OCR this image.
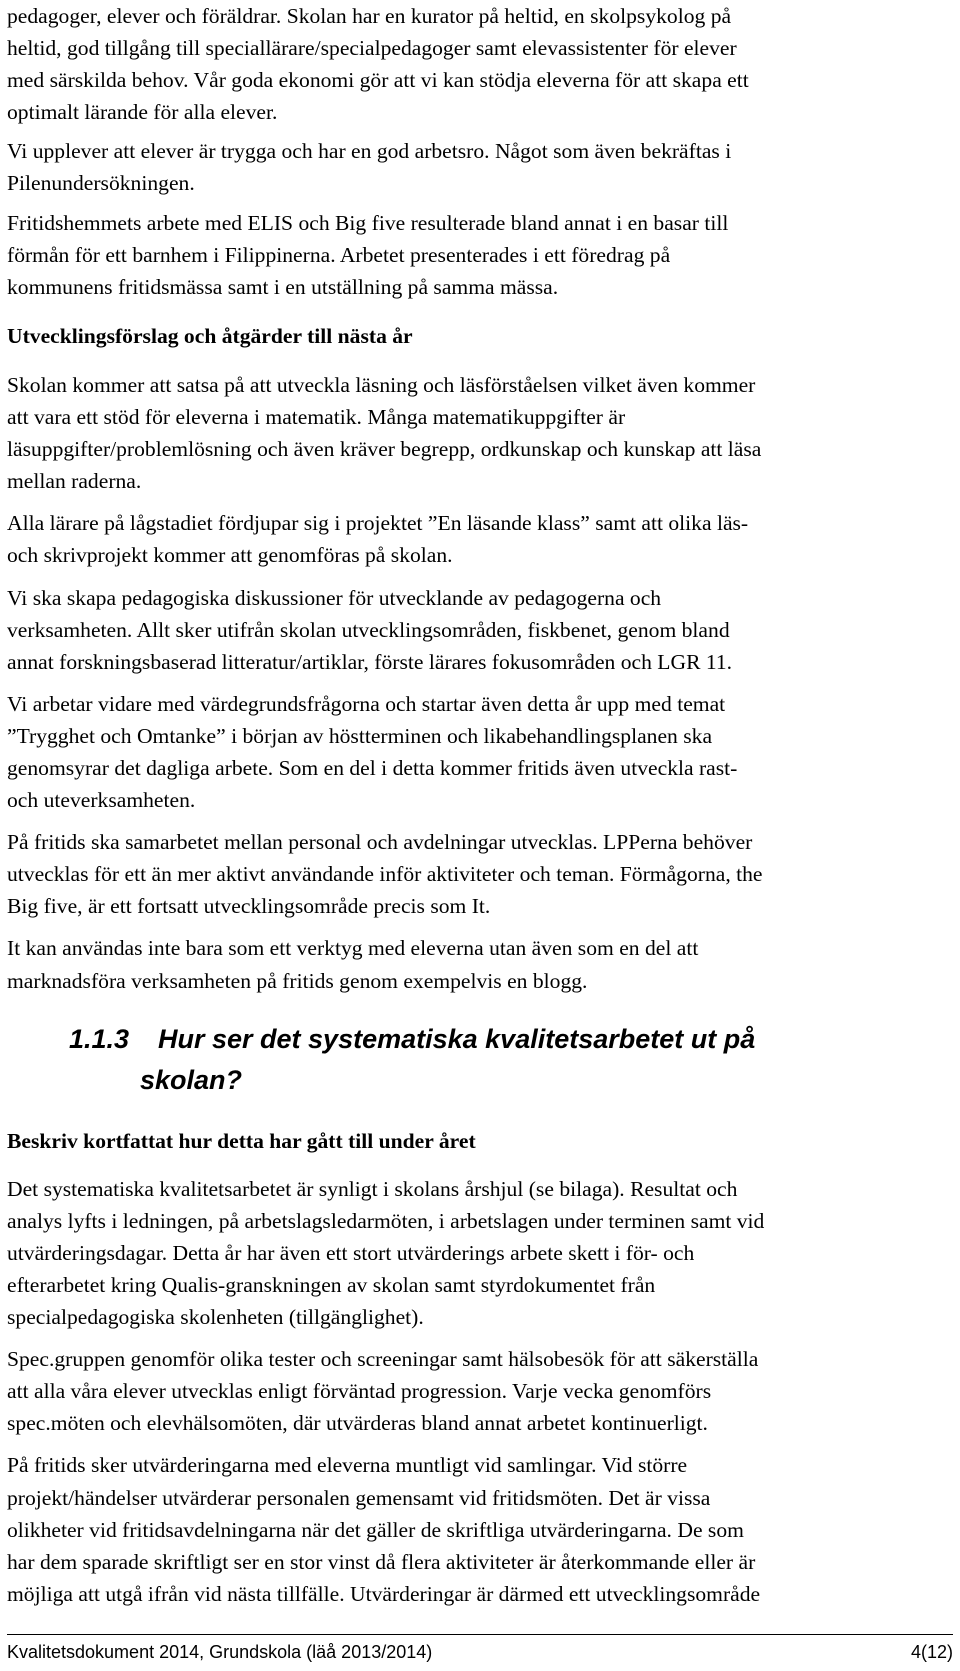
pedagoger, elever och föräldrar. Skolan har en kurator på heltid, en skolpsykolog på
heltid, god tillgång till speciallärare/specialpedagoger samt elevassistenter för elever
med särskilda behov. Vår goda ekonomi gör att vi kan stödja eleverna för att skapa ett
optimalt lärande för alla elever.

Vi upplever att elever är trygga och har en god arbetsro. Något som även bekräftas i
Pilenundersökningen.

Fritidshemmets arbete med ELIS och Big five resulterade bland annat i en basar till
förmån för ett barnhem i Filippinerna. Arbetet presenterades i ett föredrag på
kommunens fritidsmässa samt i en utställning på samma mässa.

Utvecklingsförslag och åtgärder till nästa år

Skolan kommer att satsa på att utveckla läsning och läsförståelsen vilket även kommer
att vara ett stöd för eleverna i matematik. Många matematikuppgifter är
läsuppgifter/problemlösning och även kräver begrepp, ordkunskap och kunskap att läsa
mellan raderna.

Alla lärare på lågstadiet fördjupar sig i projektet ”En läsande klass” samt att olika läs-
och skrivprojekt kommer att genomföras på skolan.

Vi ska skapa pedagogiska diskussioner för utvecklande av pedagogerna och
verksamheten. Allt sker utifrån skolan utvecklingsområden, fiskbenet, genom bland
annat forskningsbaserad litteratur/artiklar, förste lärares fokusområden och LGR 11.

Vi arbetar vidare med värdegrundsfrågorna och startar även detta år upp med temat
”Trygghet och Omtanke” i början av höstterminen och likabehandlingsplanen ska
genomsyrar det dagliga arbete. Som en del i detta kommer fritids även utveckla rast-
och uteverksamheten.

På fritids ska samarbetet mellan personal och avdelningar utvecklas. LPPerna behöver
utvecklas för ett än mer aktivt användande inför aktiviteter och teman. Förmågorna, the
Big five, är ett fortsatt utvecklingsområde precis som It.

It kan användas inte bara som ett verktyg med eleverna utan även som en del att
marknadsföra verksamheten på fritids genom exempelvis en blogg.

1.1.3 Hur ser det systematiska kvalitetsarbetet ut på
skolan?
Beskriv kortfattat hur detta har gått till under året

Det systematiska kvalitetsarbetet är synligt i skolans årshjul (se bilaga). Resultat och
analys lyfts i ledningen, på arbetslagsledarmöten, i arbetslagen under terminen samt vid
utvärderingsdagar. Detta år har även ett stort utvärderings arbete skett i för- och
efterarbetet kring Qualis-granskningen av skolan samt styrdokumentet från
specialpedagogiska skolenheten (tillgänglighet).

Spec.gruppen genomför olika tester och screeningar samt hälsobesök för att säkerställa
att alla våra elever utvecklas enligt förväntad progression. Varje vecka genomförs
spec.möten och elevhälsomöten, där utvärderas bland annat arbetet kontinuerligt.

På fritids sker utvärderingarna med eleverna muntligt vid samlingar. Vid större
projekt/händelser utvärderar personalen gemensamt vid fritidsmöten. Det är vissa
olikheter vid fritidsavdelningarna när det gäller de skriftliga utvärderingarna. De som
har dem sparade skriftligt ser en stor vinst då flera aktiviteter är återkommande eller är
möjliga att utgå ifrån vid nästa tillfälle. Utvärderingar är därmed ett utvecklingsområde

Kvalitetsdokument 2014, Grundskola (läå 2013/2014)	4(12)
